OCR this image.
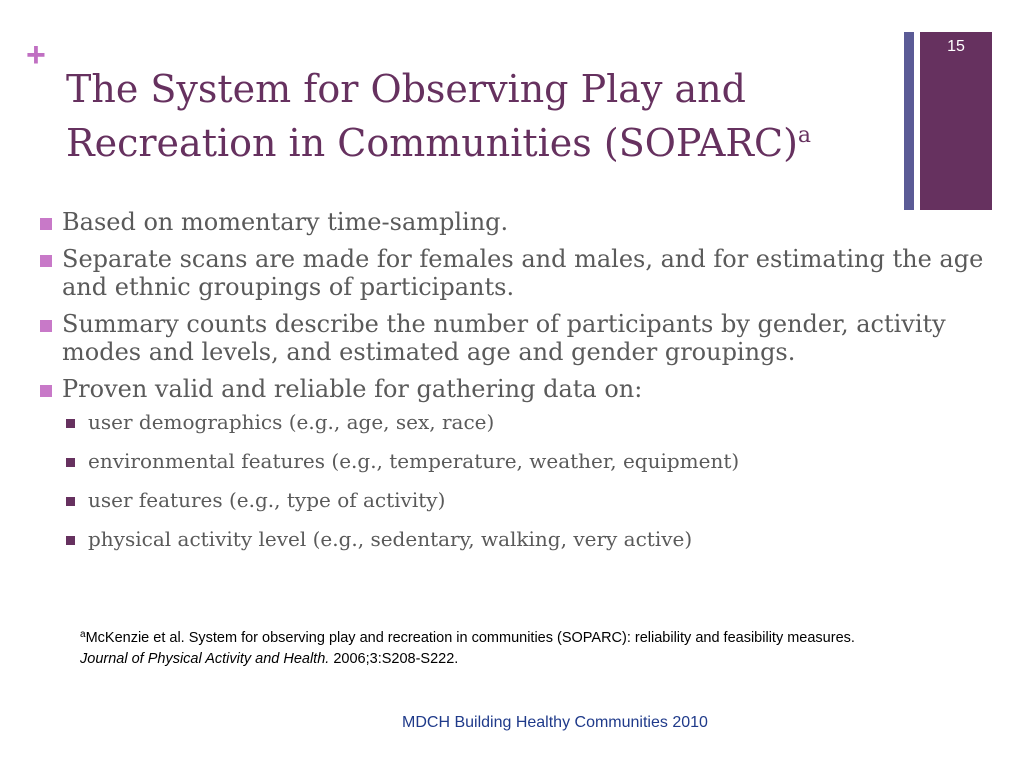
+	15
The System for Observing Play and Recreation in Communities (SOPARC)$^a$
Based on momentary time-sampling.
Separate scans are made for females and males, and for estimating the age and ethnic groupings of participants.
Summary counts describe the number of participants by gender, activity modes and levels, and estimated age and gender groupings.
Proven valid and reliable for gathering data on:
user demographics (e.g., age, sex, race)
environmental features (e.g., temperature, weather, equipment)
user features (e.g., type of activity)
physical activity level (e.g., sedentary, walking, very active)
$^a$McKenzie et al. System for observing play and recreation in communities (SOPARC): reliability and feasibility measures.
Journal of Physical Activity and Health. 2006;3:S208-S222.
MDCH Building Healthy Communities 2010
